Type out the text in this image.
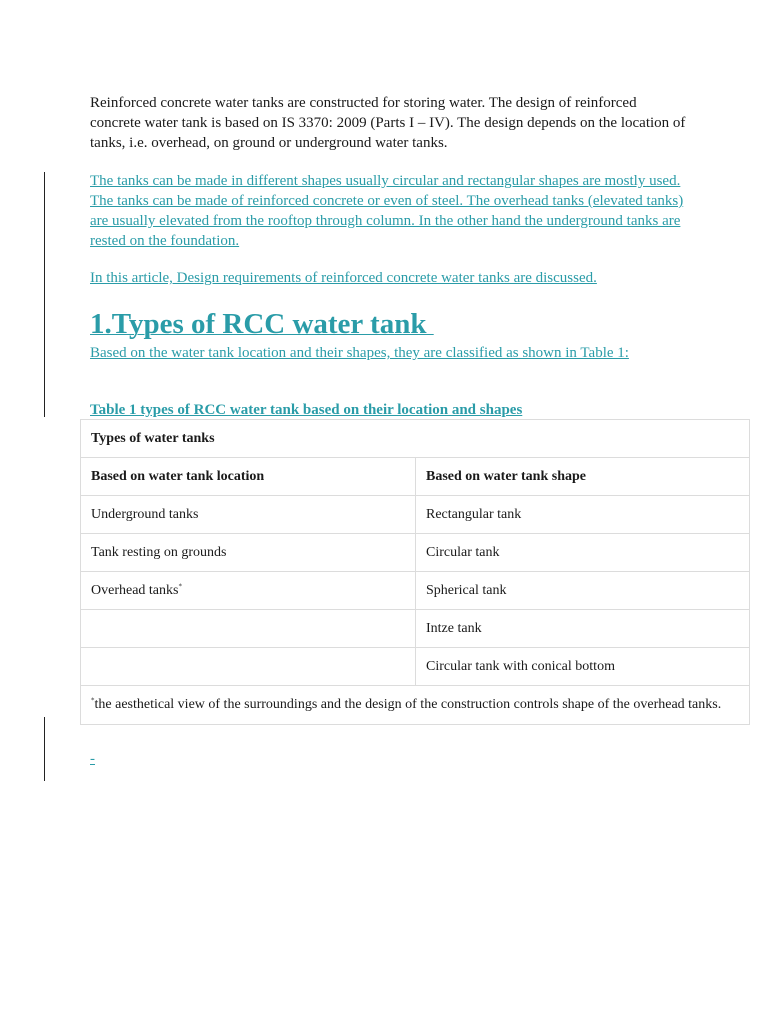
Reinforced concrete water tanks are constructed for storing water. The design of reinforced concrete water tank is based on IS 3370: 2009 (Parts I – IV). The design depends on the location of tanks, i.e. overhead, on ground or underground water tanks.

The tanks can be made in different shapes usually circular and rectangular shapes are mostly used. The tanks can be made of reinforced concrete or even of steel. The overhead tanks (elevated tanks) are usually elevated from the rooftop through column. In the other hand the underground tanks are rested on the foundation.

In this article, Design requirements of reinforced concrete water tanks are discussed.

1.Types of RCC water tank

Based on the water tank location and their shapes, they are classified as shown in Table 1:

Table 1 types of RCC water tank based on their location and shapes

Types of water tanks	
Based on water tank location	Based on water tank shape
Underground tanks	Rectangular tank
Tank resting on grounds	Circular tank
Overhead tanks*	Spherical tank
	Intze tank
	Circular tank with conical bottom
*the aesthetical view of the surroundings and the design of the construction controls shape of the overhead tanks.	
-
